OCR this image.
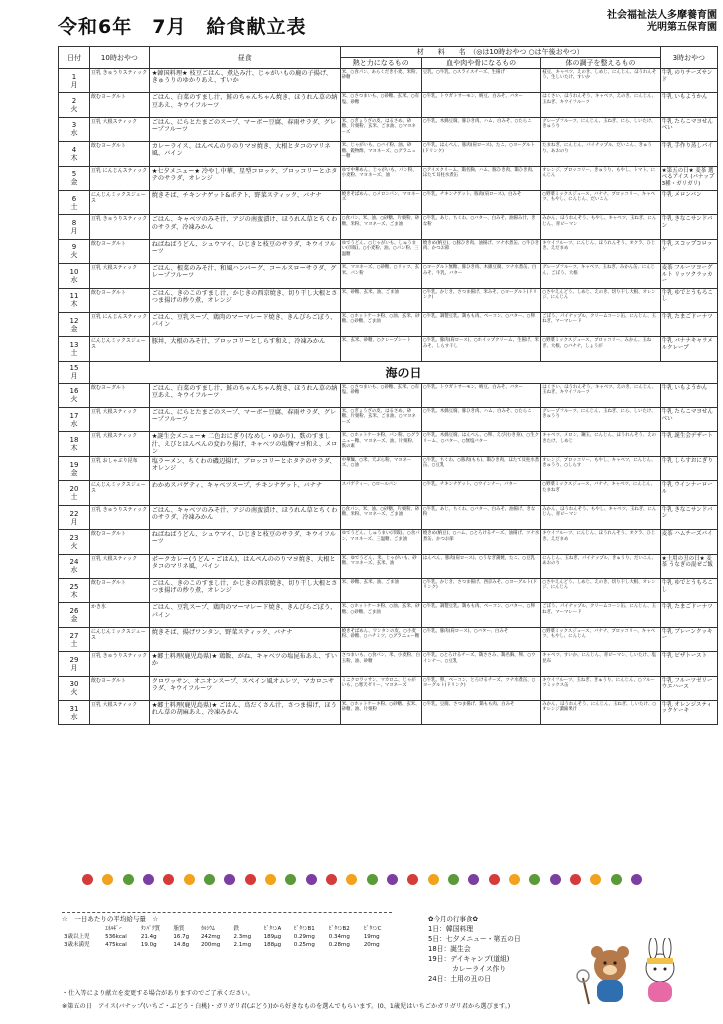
令和6年　7月　給食献立表
社会福祉法人多摩養育園
光明第五保育園
日付	10時おやつ	昼食	材　　料　　名　（◎は10時おやつ ○は午後おやつ）			3時おやつ
			熱と力になるもの	血や肉や骨になるもの	体の調子を整えるもの	

1
月	豆乳 きゅうりスティック	★韓国料理★ 枝豆ごはん、煮込み汁、じゃがいもの鹿の子揚げ、きゅうりのゆかりあえ、すいか	米、○食パン、あらくだき小麦、米粉、砂糖	豆乳、○牛乳、○スライスチーズ、生揚げ	枝豆、キャベツ、えのき、しめじ、にんじん、ほうれんそう、生しいたけ、すいか	牛乳 のりチーズサンド

2
火	飲むヨーグルト	ごはん、白菜のすまし汁、鮭のちゃんちゃん焼き、ほうれん草の納豆あえ、キウイフルーツ	米、○さつまいも、○砂糖、玄米、○有塩、砂糖	○牛乳、トウガトサーモン、納豆、白みそ、バター	はくさい、ほうれんそう、キャベツ、えのき、にんじん、玉ねぎ、キウイフルーツ	牛乳 いもようかん

3
水	豆乳 大根スティック	ごはん、にらとたまごのスープ、マーボー豆腐、春雨サラダ、グレープフルーツ	米、○ぎょうざの皮、はるさめ、砂糖、片栗粉、玄米、ごま油、○マヨネーズ	○牛乳、木綿豆腐、豚ひき肉、ハム、白みそ、○たらこ	グレープフルーツ、にんじん、玉ねぎ、にら、しいたけ、きゅうり	牛乳 たらこマヨせんべい

4
木	飲むヨーグルト	カレーライス、はんぺんのりのりマヨ焼き、大根とタコのマリネ風、バイン	米、じゃがいも、○バイ粉、油、砂糖、穀物酢、マヨネーズ、○グラニュー糖	○牛乳、はんぺん、豚肉(肩ロース)、たこ、○ヨーグルト(ドリンク)	たまねぎ、にんじん、パイナップル、だいこん、きゅうり、あおのり	牛乳 手作り蒸しパイ

5
金	豆乳 にんじんスティック	★七夕メニュー★ 冷やし中華、星型コロッケ、ブロッコリーとホタテのサラダ、オレンジ	ゆで中華めん、じゃがいも、パン粉、小麦粉、マヨネーズ、油	○アイスクリーム、鶏名胸、ハム、豚ひき肉、鶏ひき肉、ほたて貝柱水煮缶	オレンジ、ブロッコリー、きゅうり、もやし、トマト、にんじん	★第五の日★ 麦茶 選べるアイス (バナップ3種・ガリガリ)

6
土	にんじんミックスジュース	焼きそば、チキンナゲット&ポテト、野菜スティック、バナナ	焼きそばめん、○メロンパン、マヨネーズ	○牛乳、チキンナゲット、豚肉(肩ロース)、白みそ	○野菜ミックスジュース、バナナ、ブロッコリー、キャベツ、もやし、にんじん、だいこん	牛乳 メロンパン

8
月	豆乳 きゅうりスティック	ごはん、キャベツのみそ汁、アジの南蛮漬け、ほうれん草とちくわのサラダ、冷凍みかん	○食パン、米、油、○砂糖、片栗粉、砂糖、米粉、マヨネーズ、ごま油	○牛乳、あじ、ちくわ、○バター、白みそ、油揚み汁、きな粉	みかん、ほうれんそう、もやし、キャベツ、玉ねぎ、にんじん、青ピーマン	牛乳 きなこサンドパン

9
火	飲むヨーグルト	ねばねばうどん、シュウマイ、ひじきと枝豆のサラダ、キウイフルーツ	ゆでうどん、○じゃがいも、しゅうまい(市販)、○小麦粉、油、○パン粉、三温糖	焼きめ(納豆)、○豚ひき肉、油揚げ、ツナ水煮缶、○牛ひき肉、かつお節	キウイフルーツ、にんじん、ほうれんそう、オクラ、ひじき、えだまめ	牛乳 スコップコロッケ

10
水	豆乳 大根スティック	ごはん、根菜のみそ汁、和風ハンバーグ、コールスローサラダ、グレープフルーツ	米、マヨネーズ、○砂糖、○リッツ、玄米、パン粉	○ヨーグルト無糖、豚ひき肉、木綿豆腐、ツナ水煮缶、白みそ、牛乳、バター	グレープフルーツ、キャベツ、玉ねぎ、みかん缶、にんじん、ごぼう、大根	麦茶 フルーツヨーグルト リッツクラッカー

11
木	飲むヨーグルト	ごはん、きのこのすまし汁、かじきの西京焼き、切り干し大根とさつま揚げの炒り煮、オレンジ	米、砂糖、玄米、油、ごま油	○牛乳、かじき、さつま揚げ、米みそ、○ヨーグルト(ドリンク)	○さやえんどう、しめじ、えのき、切り干し大根、オレンジ、にんじん	牛乳 ゆでとうもろこし

12
金	豆乳 にんじんスティック	ごはん、豆乳スープ、鶏肉のマーマレード焼き、きんぴらごぼう、パイン	米、○ホットケーキ粉、○油、玄米、砂糖、○砂糖、ごま油	○牛乳、調製豆乳、鶏もも肉、ベーコン、○バター、○卵	ごぼう、パイナップル、クリームコーン缶、にんじん、玉ねぎ、マーマレード	牛乳 たまごドーナツ

13
土	にんじんミックスジュース	豚丼、大根のみそ汁、ブロッコリーとしらす和え、冷凍みかん	米、玄米、砂糖、○クレープシート	○牛乳、豚肉(肩ロース)、○ホイップクリーム、生揚げ、米みそ、しらす干し	○野菜ミックスジュース、ブロッコリー、みかん、玉ねぎ、大根、○バナナ、しょうが	牛乳 バナナキャラメルクレープ

15
月	海の日					

16
火	飲むヨーグルト	ごはん、白菜のすまし汁、鮭のちゃんちゃん焼き、ほうれん草の納豆あえ、キウイフルーツ	米、○さつまいも、○砂糖、玄米、○有塩、砂糖	○牛乳、トウガトサーモン、納豆、白みそ、バター	はくさい、ほうれんそう、キャベツ、えのき、にんじん、玉ねぎ、キウイフルーツ	牛乳 いもようかん

17
水	豆乳 大根スティック	ごはん、にらとたまごのスープ、マーボー豆腐、春雨サラダ、グレープフルーツ	米、○ぎょうざの皮、はるさめ、砂糖、片栗粉、玄米、ごま油、○マヨネーズ	○牛乳、木綿豆腐、豚ひき肉、ハム、白みそ、○たらこ	グレープフルーツ、にんじん、玉ねぎ、にら、しいたけ、きゅうり	牛乳 たらこマヨせんべい

18
木	豆乳 大根スティック	★誕生会メニュー★ 二色おにぎり(なめし・ゆかり)、麩のすまし汁、えびとはんぺんの変わり揚げ、キャベツの塩麹マヨ和え、メロン	米、○ホットケーキ粉、パン粉、○グラニュー糖、マヨネーズ、油、片栗粉、麩の素	○牛乳、木綿豆腐、はんぺん、○卵、えび(むき身)、○生クリーム、○バター、○無塩バター	キャベツ、メロン、鋼玉、にんじん、ほうれんそう、えのきたけ、しめじ	牛乳 誕生会デザート

19
金	豆乳 おしゃぶり昆布	塩ラーメン、ちくわの磯辺揚げ、ブロッコリーとホタテのサラダ、オレンジ	中華麺、○米、天ぷら粉、マヨネーズ、○油	○牛乳、ちくわ、○豚肉(もも)、鶏ひき肉、ほたて貝柱水煮缶、○豆乳	オレンジ、ブロッコリー、もやし、キャベツ、にんじん、きゅうり、○しらす	牛乳 しらすおにぎり

20
土	にんじんミックスジュース	わかめスパゲティ、キャベツスープ、チキンナゲット、バナナ	スパゲティー、○ロールパン	○牛乳、チキンナゲット、○ウインナー、バター	○野菜ミックスジュース、バナナ、キャベツ、にんじん、たまねぎ	牛乳 ウインナーロール

22
月	豆乳 きゅうりスティック	ごはん、キャベツのみそ汁、アジの南蛮漬け、ほうれん草とちくわのサラダ、冷凍みかん	○食パン、米、油、○砂糖、片栗粉、砂糖、米粉、マヨネーズ、ごま油	○牛乳、あじ、ちくわ、○バター、白みそ、油揚げ、きな粉	みかん、ほうれんそう、もやし、キャベツ、玉ねぎ、にんじん、青ピーマン	牛乳 きなこサンドパン

23
火	飲むヨーグルト	ねばねばうどん、シュウマイ、ひじきと枝豆のサラダ、キウイフルーツ	ゆでうどん、しゅうまい(市販)、○食パン、マヨネーズ、三温糖、ごま油	焼きめ(納豆)、○ハム、○とろけるチーズ、油揚げ、ツナ水煮缶、かつお節	キウイフルーツ、にんじん、ほうれんそう、オクラ、ひじき、えだまめ	麦茶 ハムチーズパイ

24
水	豆乳 大根スティック	ポークカレー(うどん・ごはん)、はんぺんののりマヨ焼き、大根とタコのマリネ風、パイン	米、ゆでうどん、米、じゃがいも、砂糖、マヨネーズ、玄米、油	はんぺん、豚肉(肩ロース)、○うなぎ蒲焼、たこ、○豆乳	にんじん、玉ねぎ、パイナップル、きゅうり、だいこん、あおのり	★土用の丑の日★ 麦茶 うなぎの混ぜご飯

25
木	飲むヨーグルト	ごはん、きのこのすまし汁、かじきの西京焼き、切り干し大根とさつま揚げの炒り煮、オレンジ	米、砂糖、玄米、油、ごま油	○牛乳、かじき、さつま揚げ、西京みそ、○ヨーグルト(ドリンク)	○さやえんどう、しめじ、えのき、切り干し大根、オレンジ、にんじん	牛乳 ゆでとうもろこし

26
金	かき氷	ごはん、豆乳スープ、鶏肉のマーマレード焼き、きんぴらごぼう、パイン	米、○ホットケーキ粉、○油、玄米、砂糖、○砂糖、ごま油	○牛乳、調製豆乳、鶏もも肉、ベーコン、○バター、○卵	ごぼう、パイナップル、クリームコーン缶、にんじん、玉ねぎ、マーマレード	牛乳 たまごドーナツ

27
土	にんじんミックスジュース	焼きそば、揚げワンタン、野菜スティック、バナナ	焼きそばめん、ワンタンの皮、○小麦粉、砂糖、○ハチミツ、○グラニュー糖	○牛乳、豚肉(肩ロース)、○バター、白みそ	○野菜ミックスジュース、バナナ、ブロッコリー、キャベツ、もやし、にんじん	牛乳 ブレーンクッキー

29
月	豆乳 きゅうりスティック	★郷土料理(鹿児島県)★ 鶏飯、がね、キャベツの塩昆布あえ、すいか	さつまいも、○食パン、米、小麦粉、白玉粉、油、砂糖	○牛乳、○とろけるチーズ、鶏ささみ、鶏名胸、卵、○ウインナー、○豆乳	キャベツ、すいか、にんじん、青ピーマン、しいたけ、塩昆布	牛乳 ピザトースト

30
火	飲むヨーグルト	クロワッサン、オニオンスープ、スペイン風オムレツ、マカロニサラダ、キウイフルーツ	ミニクロワッサン、マカロニ、じゃがいも、○寒天ゼリー、マヨネーズ	○牛乳、卵、ベーコン、とろけるチーズ、ツナ水煮缶、○ヨーグルト(ドリンク)	キウイフルーツ、玉ねぎ、きゅうり、にんじん、○フルーツミックス缶	牛乳 フルーツゼリー ウエハース

31
水	豆乳 大根スティック	★郷土料理(鹿児島県)★ ごはん、鳥だくさん汁、さつま揚げ、ほうれん草の胡麻あえ、冷凍みかん	米、○ホットケーキ粉、○砂糖、玄米、砂糖、油、片栗粉	○牛乳、豆腐、さつま揚げ、鶏もも肉、白みそ	みかん、ほうれんそう、にんじん、玉ねぎ、しいたけ、○オレンジ濃縮果汁	牛乳 オレンジスティックケーキ
☆　一日あたりの平均給与量　☆
	ｴﾈﾙｷﾞｰ	ﾀﾝﾊﾟｸ質	脂質	ｶﾙｼｳﾑ	鉄	ﾋﾞﾀﾐﾝA	ﾋﾞﾀﾐﾝB1	ﾋﾞﾀﾐﾝB2	ﾋﾞﾀﾐﾝC
3歳以上児	536kcal	21.4g	16.7g	242mg	2.3mg	189μg	0.29mg	0.34mg	19mg
3歳未満児	475kcal	19.0g	14.8g	200mg	2.1mg	188μg	0.25mg	0.28mg	20mg
✿今月の行事食✿
1日：韓国料理
5日：七夕メニュー・第五の日
18日：誕生会
19日：デイキャンプ(道組)
カレーライス作り
24日：土用の丑の日
・仕入等により献立を変更する場合がありますのでご了承ください。
※第五の日　アイス(バナップ(いちご・ぶどう・白桃)・ガリガリ君(ぶどう))から好きなものを選んでもらいます。(0、1歳児はいちごかガリガリ君から選びます。)
